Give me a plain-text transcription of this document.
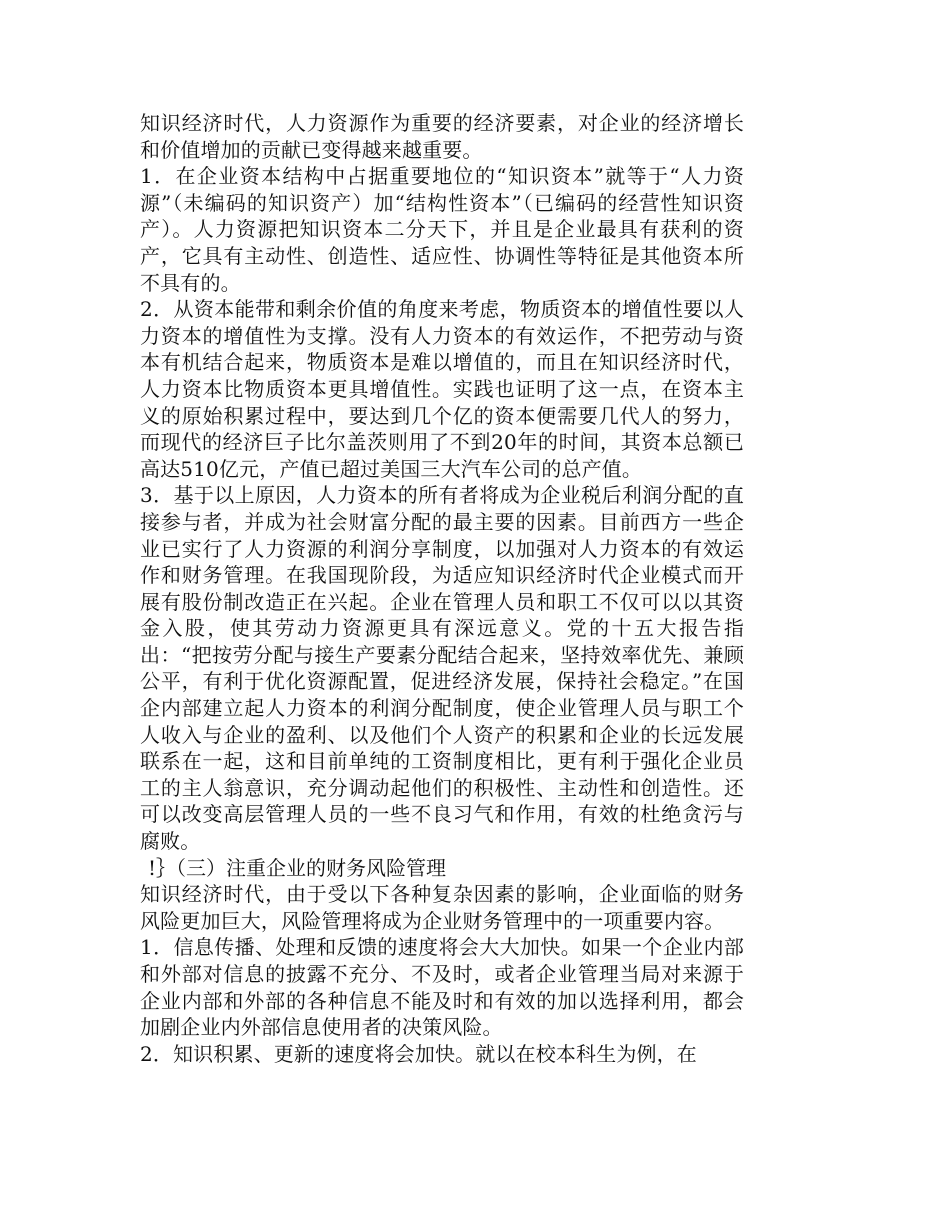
知识经济时代，人力资源作为重要的经济要素，对企业的经济增长和价值增加的贡献已变得越来越重要。

1．在企业资本结构中占据重要地位的“知识资本”就等于“人力资源”（未编码的知识资产）加“结构性资本”（已编码的经营性知识资产）。人力资源把知识资本二分天下，并且是企业最具有获利的资产，它具有主动性、创造性、适应性、协调性等特征是其他资本所不具有的。

2．从资本能带和剩余价值的角度来考虑，物质资本的增值性要以人力资本的增值性为支撑。没有人力资本的有效运作，不把劳动与资本有机结合起来，物质资本是难以增值的，而且在知识经济时代，人力资本比物质资本更具增值性。实践也证明了这一点，在资本主义的原始积累过程中，要达到几个亿的资本便需要几代人的努力，而现代的经济巨子比尔盖茨则用了不到20年的时间，其资本总额已高达510亿元，产值已超过美国三大汽车公司的总产值。

3．基于以上原因，人力资本的所有者将成为企业税后利润分配的直接参与者，并成为社会财富分配的最主要的因素。目前西方一些企业已实行了人力资源的利润分享制度，以加强对人力资本的有效运作和财务管理。在我国现阶段，为适应知识经济时代企业模式而开展有股份制改造正在兴起。企业在管理人员和职工不仅可以以其资金入股，使其劳动力资源更具有深远意义。党的十五大报告指出：“把按劳分配与接生产要素分配结合起来，坚持效率优先、兼顾公平，有利于优化资源配置，促进经济发展，保持社会稳定。”在国企内部建立起人力资本的利润分配制度，使企业管理人员与职工个人收入与企业的盈利、以及他们个人资产的积累和企业的长远发展联系在一起，这和目前单纯的工资制度相比，更有利于强化企业员工的主人翁意识，充分调动起他们的积极性、主动性和创造性。还可以改变高层管理人员的一些不良习气和作用，有效的杜绝贪污与腐败。

!｝（三）注重企业的财务风险管理

知识经济时代，由于受以下各种复杂因素的影响，企业面临的财务风险更加巨大，风险管理将成为企业财务管理中的一项重要内容。

1．信息传播、处理和反馈的速度将会大大加快。如果一个企业内部和外部对信息的披露不充分、不及时，或者企业管理当局对来源于企业内部和外部的各种信息不能及时和有效的加以选择利用，都会加剧企业内外部信息使用者的决策风险。

2．知识积累、更新的速度将会加快。就以在校本科生为例，在
